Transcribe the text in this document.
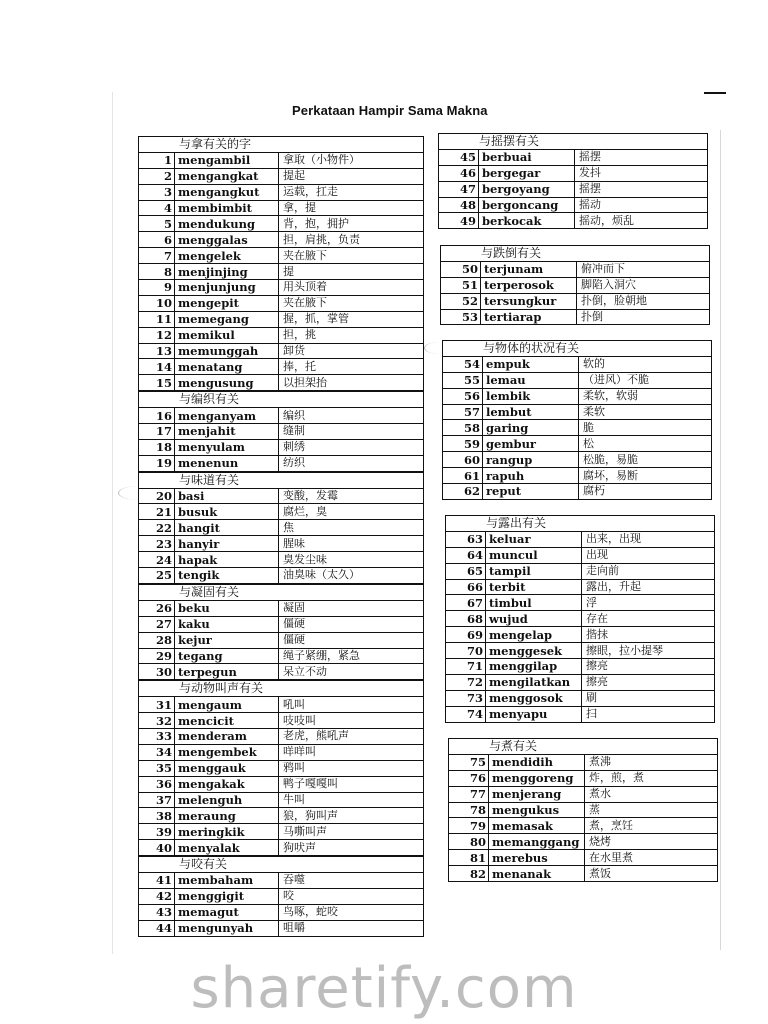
Perkataan Hampir Sama Makna
与拿有关的字
1	mengambil	拿取（小物件）
2	mengangkat	提起
3	mengangkut	运载，扛走
4	membimbit	拿，提
5	mendukung	背，抱，拥护
6	menggalas	担，肩挑，负责
7	mengelek	夹在腋下
8	menjinjing	提
9	menjunjung	用头顶着
10	mengepit	夹在腋下
11	memegang	握，抓，掌管
12	memikul	担，挑
13	memunggah	卸货
14	menatang	捧，托
15	mengusung	以担架抬
与编织有关
16	menganyam	编织
17	menjahit	缝制
18	menyulam	刺绣
19	menenun	纺织
与味道有关
20	basi	变酸，发霉
21	busuk	腐烂，臭
22	hangit	焦
23	hanyir	腥味
24	hapak	臭发尘味
25	tengik	油臭味（太久）
与凝固有关
26	beku	凝固
27	kaku	僵硬
28	kejur	僵硬
29	tegang	绳子紧绷，紧急
30	terpegun	呆立不动
与动物叫声有关
31	mengaum	吼叫
32	mencicit	吱吱叫
33	menderam	老虎，熊吼声
34	mengembek	咩咩叫
35	menggauk	鸦叫
36	mengakak	鸭子嘎嘎叫
37	melenguh	牛叫
38	meraung	狼，狗叫声
39	meringkik	马嘶叫声
40	menyalak	狗吠声
与咬有关
41	membaham	吞噬
42	menggigit	咬
43	memagut	鸟啄，蛇咬
44	mengunyah	咀嚼
sharetify.com
与摇摆有关
45	berbuai	摇摆
46	bergegar	发抖
47	bergoyang	摇摆
48	bergoncang	摇动
49	berkocak	摇动，烦乱
与跌倒有关
50	terjunam	俯冲而下
51	terperosok	脚陷入洞穴
52	tersungkur	扑倒，脸朝地
53	tertiarap	扑倒
与物体的状况有关
54	empuk	软的
55	lemau	（进风）不脆
56	lembik	柔软，软弱
57	lembut	柔软
58	garing	脆
59	gembur	松
60	rangup	松脆，易脆
61	rapuh	腐坏，易断
62	reput	腐朽
与露出有关
63	keluar	出来，出现
64	muncul	出现
65	tampil	走向前
66	terbit	露出，升起
67	timbul	浮
68	wujud	存在
69	mengelap	揩抹
70	menggesek	擦眼，拉小提琴
71	menggilap	擦亮
72	mengilatkan	擦亮
73	menggosok	刷
74	menyapu	扫
与煮有关
75	mendidih	煮沸
76	menggoreng	炸，煎，煮
77	menjerang	煮水
78	mengukus	蒸
79	memasak	煮，烹饪
80	memanggang	烧烤
81	merebus	在水里煮
82	menanak	煮饭
